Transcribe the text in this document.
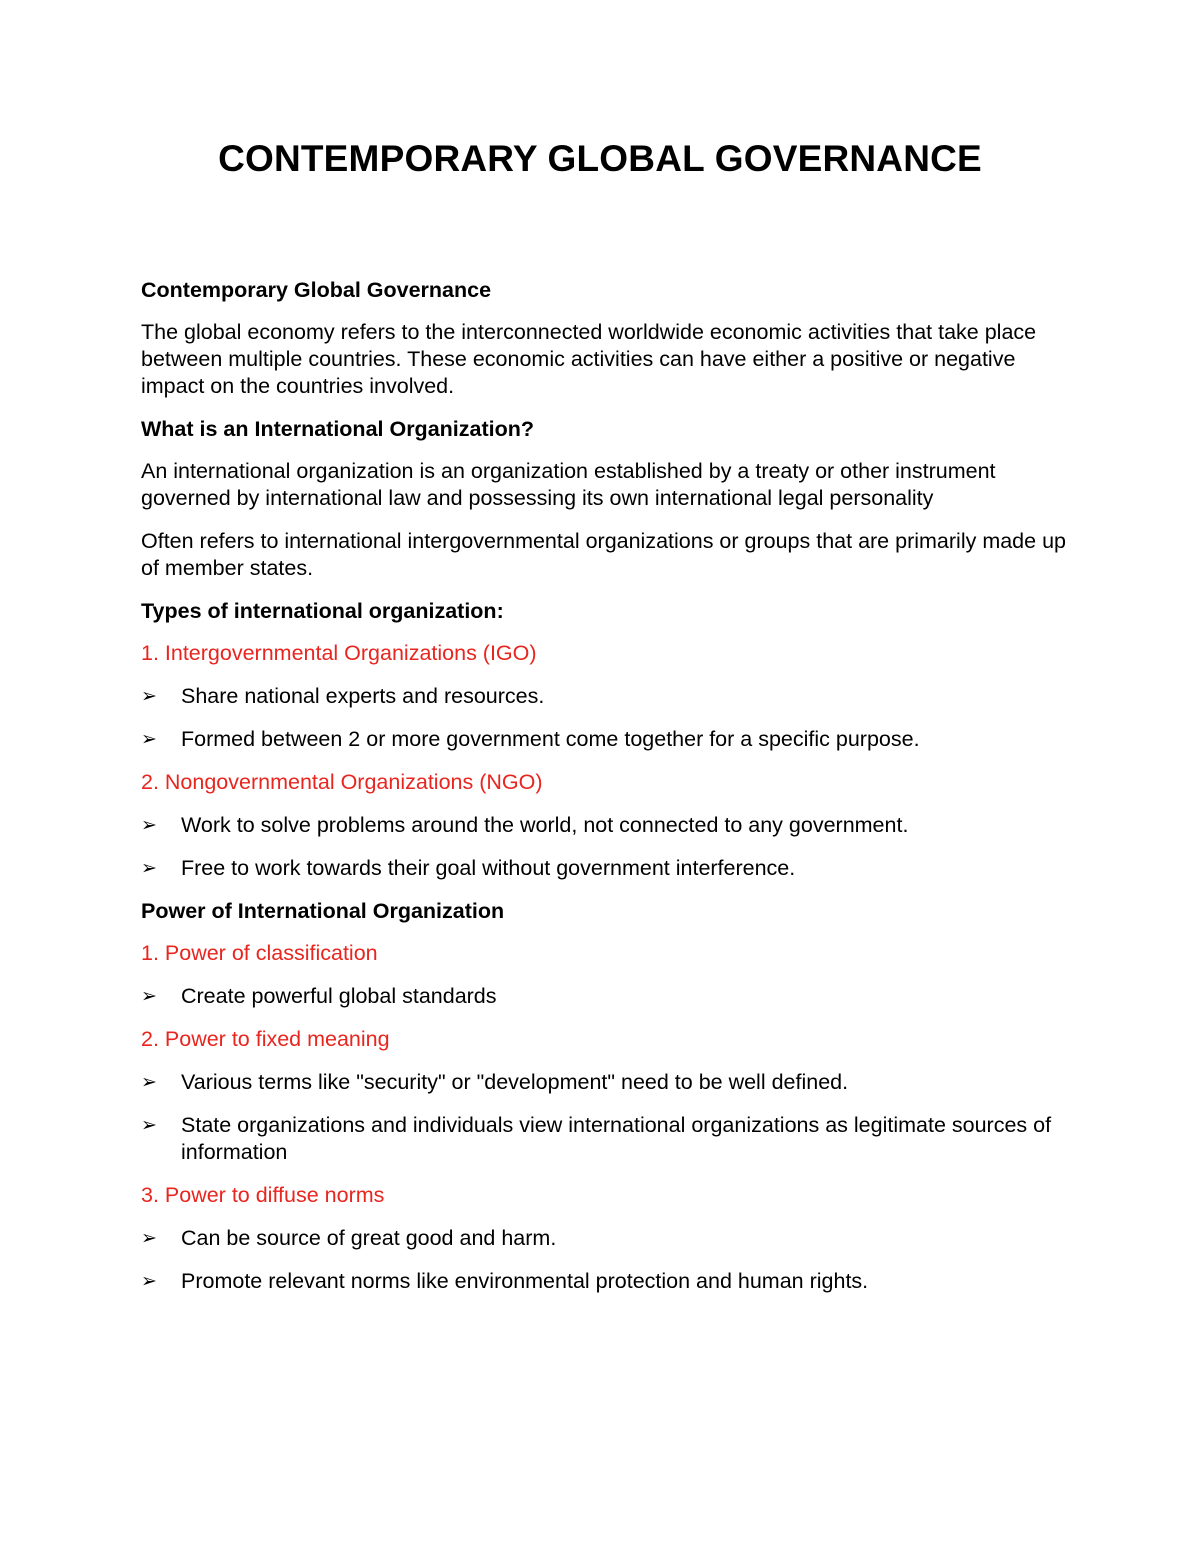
CONTEMPORARY GLOBAL GOVERNANCE

Contemporary Global Governance

The global economy refers to the interconnected worldwide economic activities that take place between multiple countries. These economic activities can have either a positive or negative impact on the countries involved.

What is an International Organization?

An international organization is an organization established by a treaty or other instrument governed by international law and possessing its own international legal personality

Often refers to international intergovernmental organizations or groups that are primarily made up of member states.

Types of international organization:

1. Intergovernmental Organizations (IGO)

➢	Share national experts and resources.

➢	Formed between 2 or more government come together for a specific purpose.

2. Nongovernmental Organizations (NGO)

➢	Work to solve problems around the world, not connected to any government.

➢	Free to work towards their goal without government interference.

Power of International Organization

1. Power of classification

➢	Create powerful global standards

2. Power to fixed meaning

➢	Various terms like "security" or "development" need to be well defined.

➢	State organizations and individuals view international organizations as legitimate sources of information

3. Power to diffuse norms

➢	Can be source of great good and harm.

➢	Promote relevant norms like environmental protection and human rights.
